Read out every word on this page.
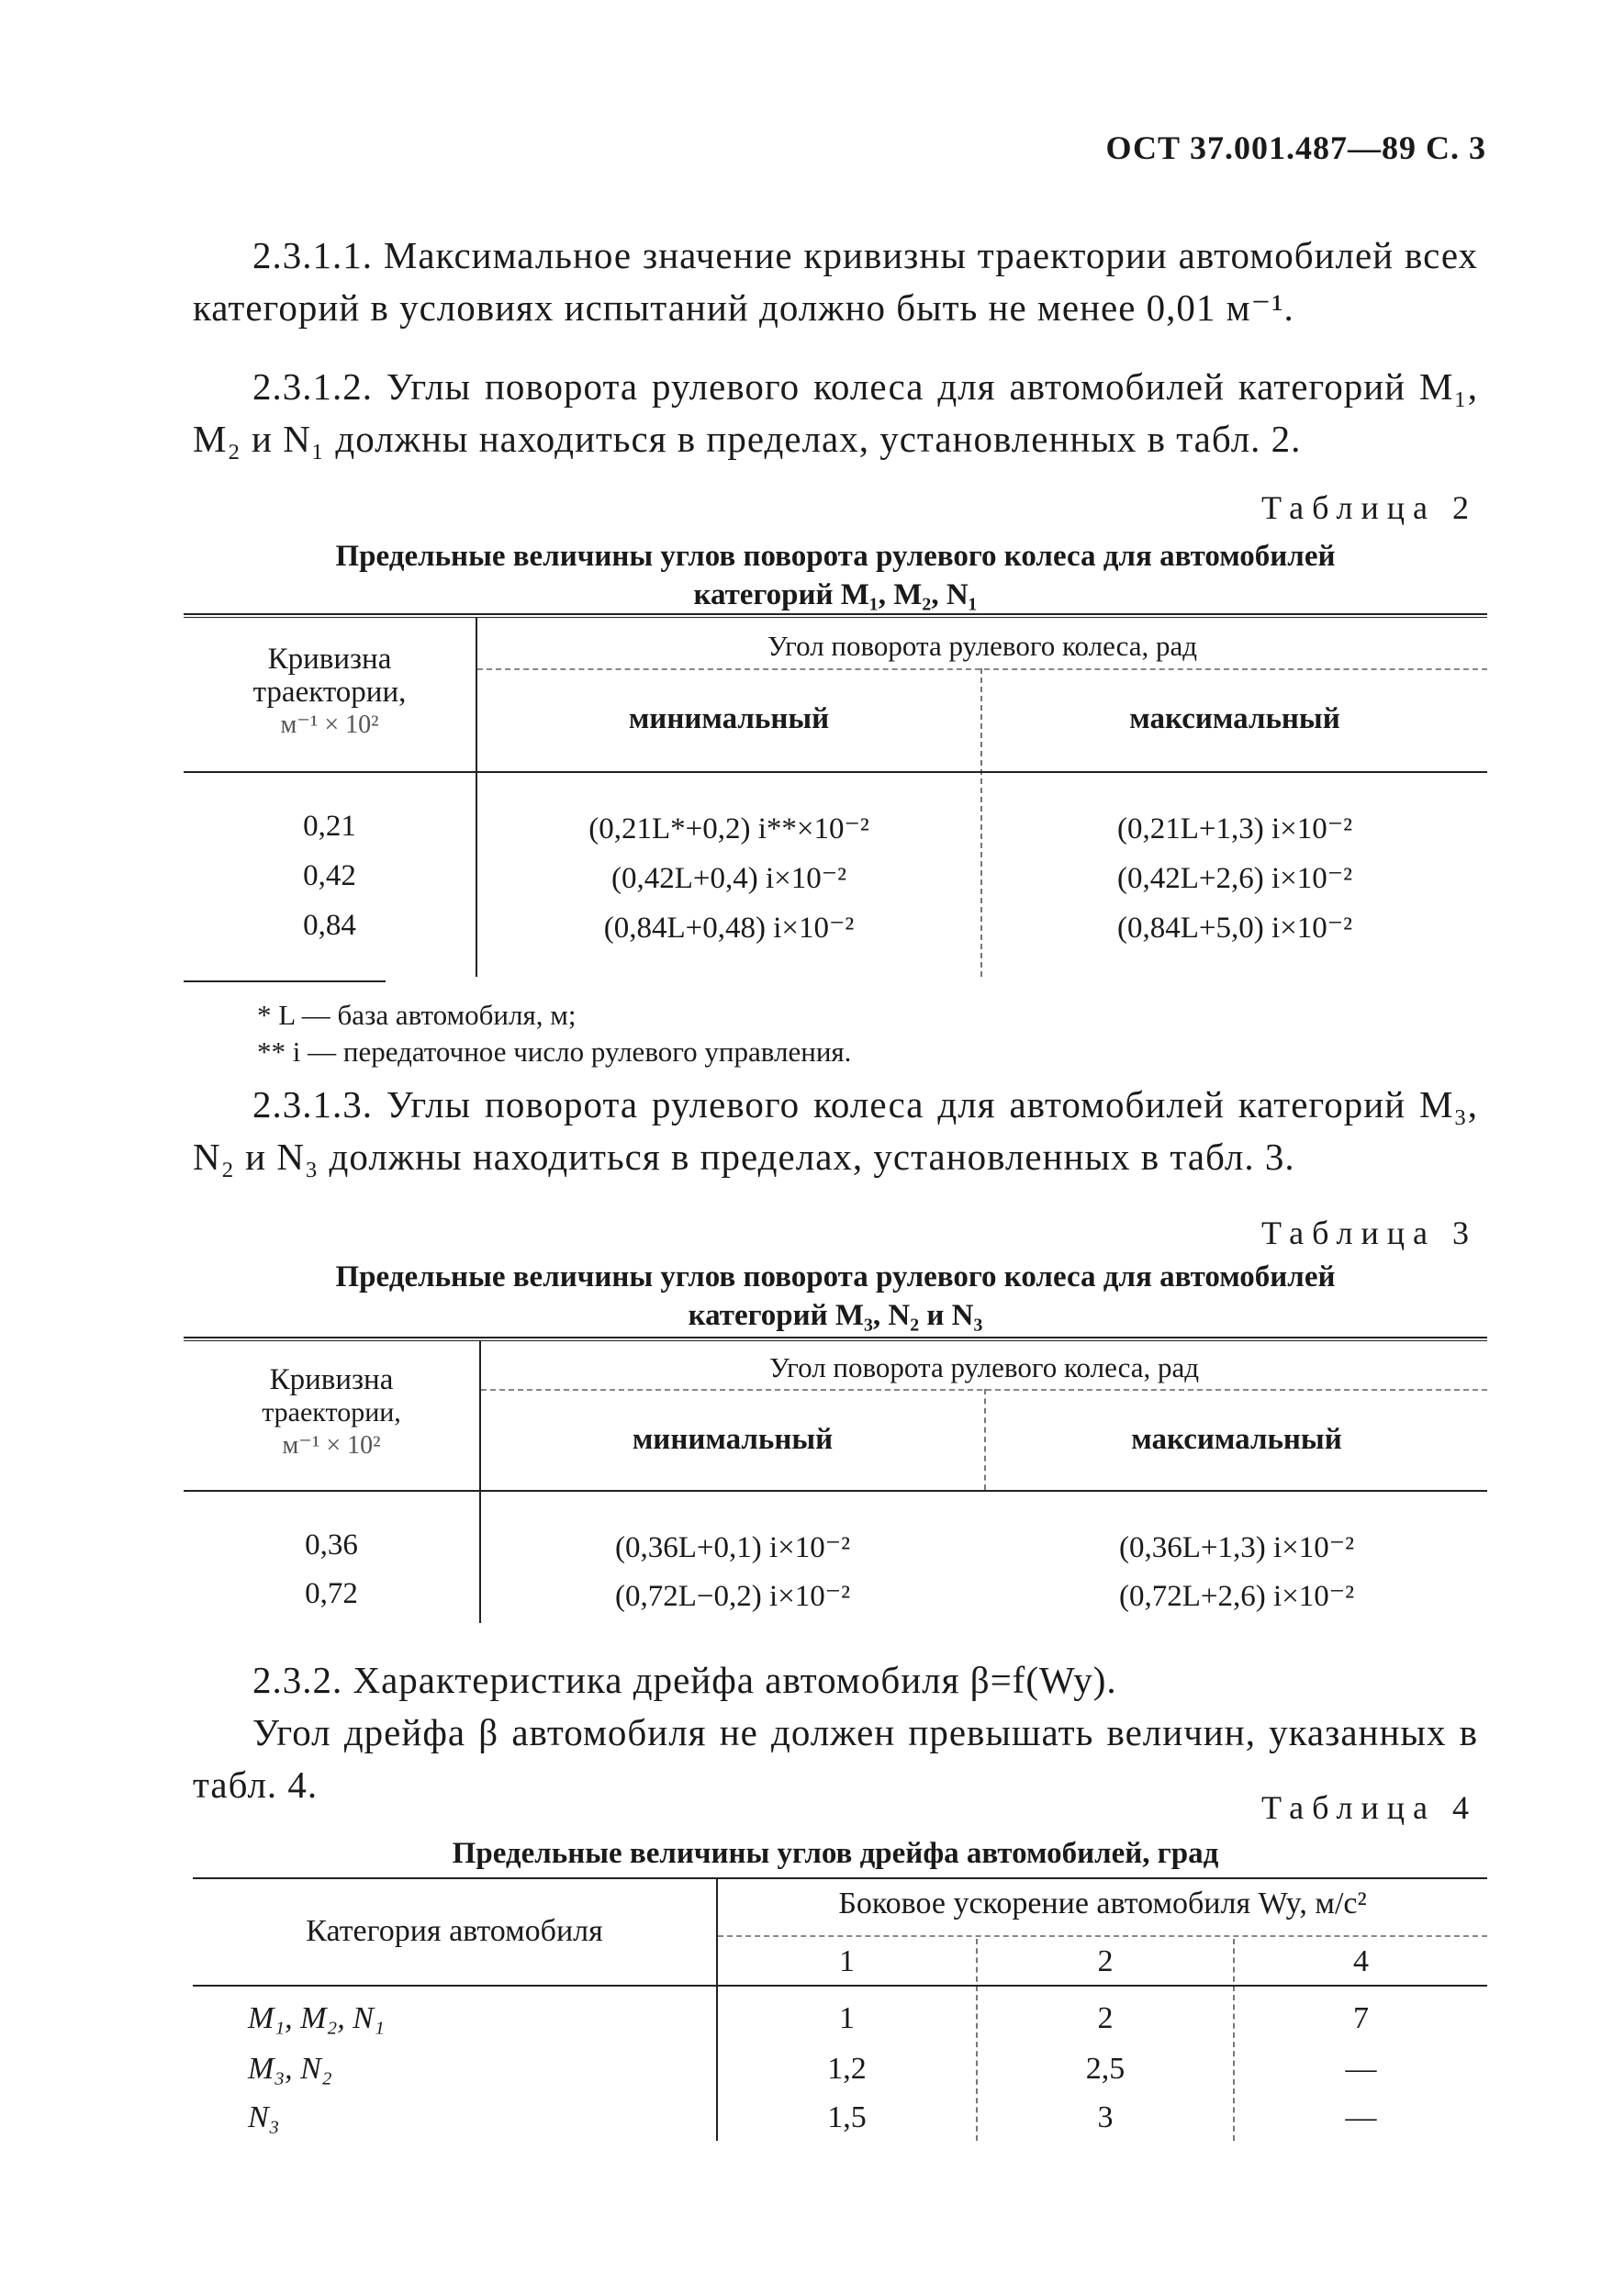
ОСТ 37.001.487—89 С. 3
2.3.1.1. Максимальное значение кривизны траектории автомобилей всех категорий в условиях испытаний должно быть не менее 0,01 м⁻¹.
2.3.1.2. Углы поворота рулевого колеса для автомобилей категорий M₁, M₂ и N₁ должны находиться в пределах, установленных в табл. 2.
Таблица 2
Предельные величины углов поворота рулевого колеса для автомобилей
категорий M₁, M₂, N₁
Кривизна
траектории,
м⁻¹ × 10²
Угол поворота рулевого колеса, рад
минимальный	максимальный
0,21	(0,21L*+0,2) i**×10⁻²	(0,21L+1,3) i×10⁻²
0,42	(0,42L+0,4) i×10⁻²	(0,42L+2,6) i×10⁻²
0,84	(0,84L+0,48) i×10⁻²	(0,84L+5,0) i×10⁻²
* L — база автомобиля, м;
** i — передаточное число рулевого управления.
2.3.1.3. Углы поворота рулевого колеса для автомобилей категорий M₃, N₂ и N₃ должны находиться в пределах, установленных в табл. 3.
Таблица 3
Предельные величины углов поворота рулевого колеса для автомобилей
категорий M₃, N₂ и N₃
Кривизна
траектории,
м⁻¹ × 10²
Угол поворота рулевого колеса, рад
минимальный	максимальный
0,36	(0,36L+0,1) i×10⁻²	(0,36L+1,3) i×10⁻²
0,72	(0,72L−0,2) i×10⁻²	(0,72L+2,6) i×10⁻²
2.3.2. Характеристика дрейфа автомобиля β=f(Wy).
Угол дрейфа β автомобиля не должен превышать величин, указанных в табл. 4.
Таблица 4
Предельные величины углов дрейфа автомобилей, град
Категория автомобиля
Боковое ускорение автомобиля Wy, м/с²
1	2	4
M₁, M₂, N₁	1	2	7
M₃, N₂	1,2	2,5	—
N₃	1,5	3	—
